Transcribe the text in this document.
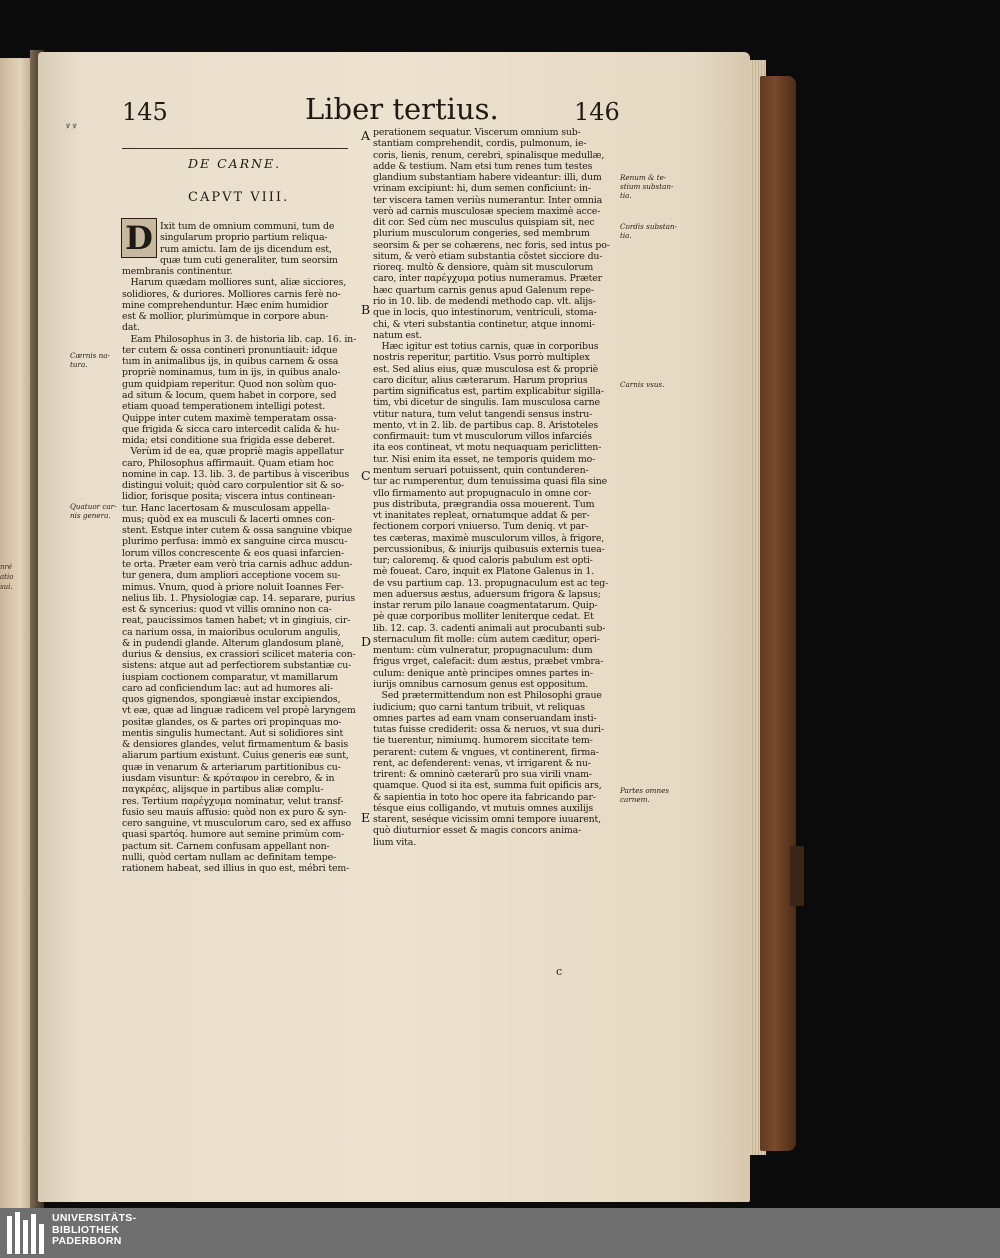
nré
atio
sui.
ꝟ ꝟ 145	Liber tertius.	146
DE CARNE.
CAPVT VIII.
D Ixit tum de omnium communi, tum de
singularum proprio partium reliqua-
rum amictu. Iam de ijs dicendum est,
quæ tum cuti generaliter, tum seorsim
membranis continentur.
Harum quædam molliores sunt, aliæ sicciores,
solidiores, & duriores. Molliores carnis ferè no-
mine comprehenduntur. Hæc enim humidior
est & mollior, plurimùmque in corpore abun-
dat.
Eam Philosophus in 3. de historia lib. cap. 16. in-
ter cutem & ossa contineri pronuntiauit: idque
tum in animalibus ijs, in quibus carnem & ossa
propriè nominamus, tum in ijs, in quibus analo-
gum quidpiam reperitur. Quod non solùm quo-
ad situm & locum, quem habet in corpore, sed
etiam quoad temperationem intelligi potest.
Quippe inter cutem maximè temperatam ossa-
que frigida & sicca caro intercedit calida & hu-
mida; etsi conditione sua frigida esse deberet.
Verùm id de ea, quæ propriè magis appellatur
caro, Philosophus affirmauit. Quam etiam hoc
nomine in cap. 13. lib. 3. de partibus à visceribus
distingui voluit; quòd caro corpulentior sit & so-
lidior, forisque posita; viscera intus continean-
tur. Hanc lacertosam & musculosam appella-
mus; quòd ex ea musculi & lacerti omnes con-
stent. Estque inter cutem & ossa sanguine vbique
plurimo perfusa: immò ex sanguine circa muscu-
lorum villos concrescente & eos quasi infarcien-
te orta. Præter eam verò tria carnis adhuc addun-
tur genera, dum ampliori acceptione vocem su-
mimus. Vnum, quod à priore noluit Ioannes Fer-
nelius lib. 1. Physiologiæ cap. 14. separare, purius
est & syncerius: quod vt villis omnino non ca-
reat, paucissimos tamen habet; vt in gingiuis, cir-
ca narium ossa, in maioribus oculorum angulis,
& in pudendi glande. Alterum glandosum planè,
durius & densius, ex crassiori scilicet materia con-
sistens: atque aut ad perfectiorem substantiæ cu-
iuspiam coctionem comparatur, vt mamillarum
caro ad conficiendum lac: aut ad humores ali-
quos gignendos, spongiæuè instar excipiendos,
vt eæ, quæ ad linguæ radicem vel propè laryngem
positæ glandes, os & partes ori propinquas mo-
mentis singulis humectant. Aut si solidiores sint
& densiores glandes, velut firmamentum & basis
aliarum partium existunt. Cuius generis eæ sunt,
quæ in venarum & arteriarum partitionibus cu-
iusdam visuntur: & κρόταφον in cerebro, & in
παγκρέας, alijsque in partibus aliæ complu-
res. Tertium παρέγχυμα nominatur, velut transf-
fusio seu mauis affusio: quòd non ex puro & syn-
cero sanguine, vt musculorum caro, sed ex affuso
quasi spartóq. humore aut semine primùm com-
pactum sit. Carnem confusam appellant non-
nulli, quòd certam nullam ac definitam tempe-
rationem habeat, sed illius in quo est, mébri tem-
perationem sequatur. Viscerum omnium sub-
stantiam comprehendit, cordis, pulmonum, ie-
coris, lienis, renum, cerebri, spinalisque medullæ,
adde & testium. Nam etsi tum renes tum testes
glandium substantiam habere videantur: illi, dum
vrinam excipiunt: hi, dum semen conficiunt: in-
ter viscera tamen veriùs numerantur. Inter omnia
verò ad carnis musculosæ speciem maximè acce-
dit cor. Sed cùm nec musculus quispiam sit, nec
plurium musculorum congeries, sed membrum
seorsim & per se cohærens, nec foris, sed intus po-
situm, & verò etiam substantia cõstet sicciore du-
rioreq. multò & densiore, quàm sit musculorum
caro, inter παρέγχυμα potius numeramus. Præter
hæc quartum carnis genus apud Galenum repe-
rio in 10. lib. de medendi methodo cap. vlt. alijs-
que in locis, quo intestinorum, ventriculi, stoma-
chi, & vteri substantia continetur, atque innomi-
natum est.
Hæc igitur est totius carnis, quæ in corporibus
nostris reperitur, partitio. Vsus porrò multiplex
est. Sed alius eius, quæ musculosa est & propriè
caro dicitur, alius cæterarum. Harum proprius
partim significatus est, partim explicabitur sigilla-
tim, vbi dicetur de singulis. Iam musculosa carne
vtitur natura, tum velut tangendi sensus instru-
mento, vt in 2. lib. de partibus cap. 8. Aristoteles
confirmauit: tum vt musculorum villos infarciés
ita eos contineat, vt motu nequaquam periclitten-
tur. Nisi enim ita esset, ne temporis quidem mo-
mentum seruari potuissent, quin contunderen-
tur ac rumperentur, dum tenuissima quasi fila sine
vllo firmamento aut propugnaculo in omne cor-
pus distributa, prægrandia ossa mouerent. Tum
vt inanitates repleat, ornatumque addat & per-
fectionem corpori vniuerso. Tum deniq. vt par-
tes cæteras, maximè musculorum villos, à frigore,
percussionibus, & iniurijs quibusuis externis tuea-
tur; caloremq. & quod caloris pabulum est opti-
mè foueat. Caro, inquit ex Platone Galenus in 1.
de vsu partium cap. 13. propugnaculum est ac teg-
men aduersus æstus, aduersum frigora & lapsus;
instar rerum pilo lanaue coagmentatarum. Quip-
pè quæ corporibus molliter leniterque cedat. Et
lib. 12. cap. 3. cadenti animali aut procubanti sub-
sternaculum fit molle: cùm autem cæditur, operi-
mentum: cùm vulneratur, propugnaculum: dum
frigus vrget, calefacit: dum æstus, præbet vmbra-
culum: denique antè principes omnes partes in-
iurijs omnibus carnosum genus est oppositum.
Sed prætermittendum non est Philosophi graue
iudicium; quo carni tantum tribuit, vt reliquas
omnes partes ad eam vnam conseruandam insti-
tutas fuisse crediderit: ossa & neruos, vt sua duri-
tie tuerentur, nimiumq. humorem siccitate tem-
perarent: cutem & vngues, vt continerent, firma-
rent, ac defenderent: venas, vt irrigarent & nu-
trirent: & omninò cæterarũ pro sua virili vnam-
quamque. Quod si ita est, summa fuit opificis ars,
& sapientia in toto hoc opere ita fabricando par-
tésque eius colligando, vt mutuis omnes auxilijs
starent, seséque vicissim omni tempore iuuarent,
quò diuturnior esset & magis concors anima-
lium vita.
A
B
C
D
E
Cærnis na-
tura.
Quatuor car-
nis genera.
Renum & te-
stium substan-
tia.
Cordis substan-
tia.
Carnis vsus.
Partes omnes
carnem.
c
UNIVERSITÄTS-
BIBLIOTHEK
PADERBORN
